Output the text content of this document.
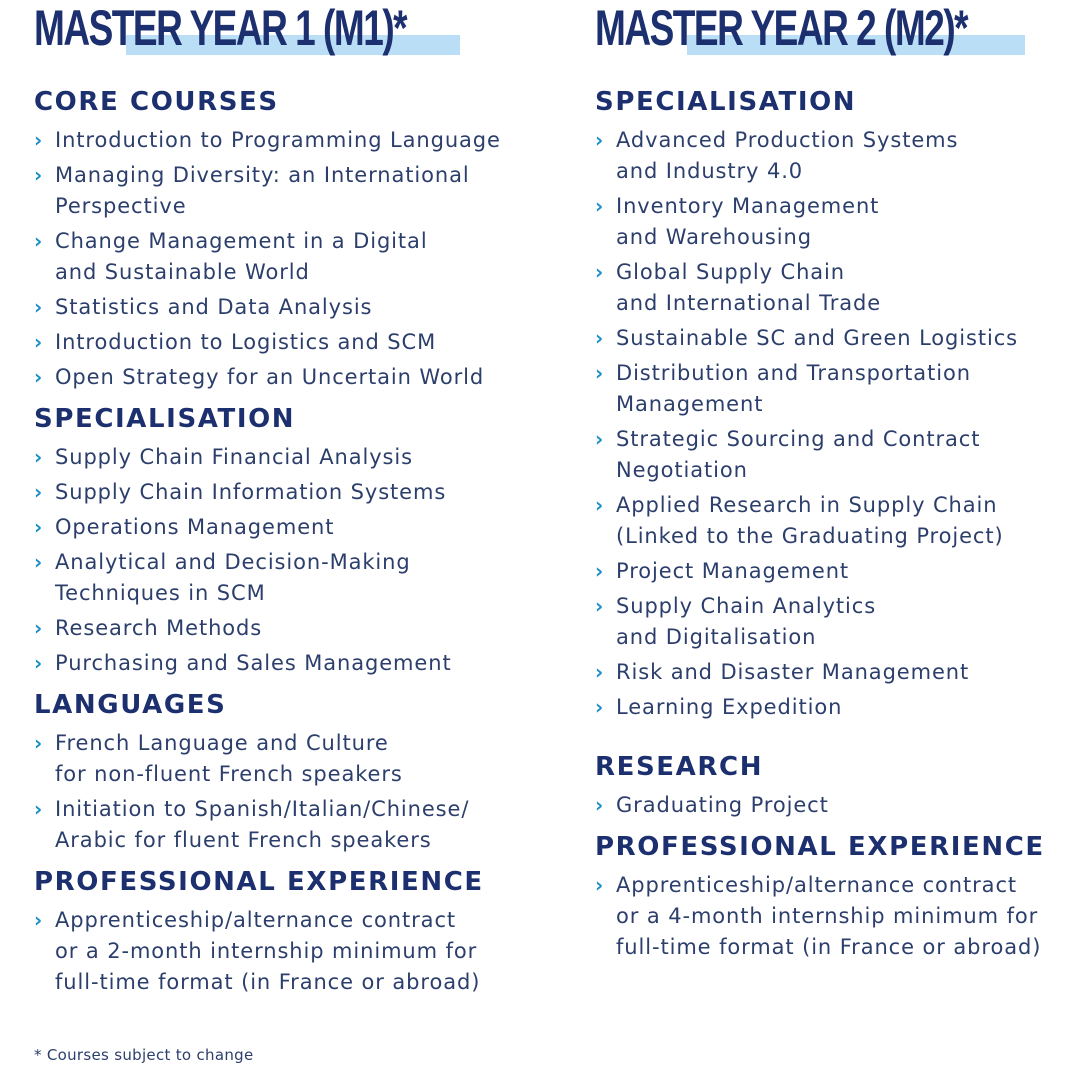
MASTER YEAR 1 (M1)*
CORE COURSES
› Introduction to Programming Language
› Managing Diversity: an International
Perspective
› Change Management in a Digital
and Sustainable World
› Statistics and Data Analysis
› Introduction to Logistics and SCM
› Open Strategy for an Uncertain World
SPECIALISATION
› Supply Chain Financial Analysis
› Supply Chain Information Systems
› Operations Management
› Analytical and Decision-Making
Techniques in SCM
› Research Methods
› Purchasing and Sales Management
LANGUAGES
› French Language and Culture
for non-fluent French speakers
› Initiation to Spanish/Italian/Chinese/
Arabic for fluent French speakers
PROFESSIONAL EXPERIENCE
› Apprenticeship/alternance contract
or a 2-month internship minimum for
full-time format (in France or abroad)
MASTER YEAR 2 (M2)*
SPECIALISATION
› Advanced Production Systems
and Industry 4.0
› Inventory Management
and Warehousing
› Global Supply Chain
and International Trade
› Sustainable SC and Green Logistics
› Distribution and Transportation
Management
› Strategic Sourcing and Contract
Negotiation
› Applied Research in Supply Chain
(Linked to the Graduating Project)
› Project Management
› Supply Chain Analytics
and Digitalisation
› Risk and Disaster Management
› Learning Expedition
RESEARCH
› Graduating Project
PROFESSIONAL EXPERIENCE
› Apprenticeship/alternance contract
or a 4-month internship minimum for
full-time format (in France or abroad)
* Courses subject to change
